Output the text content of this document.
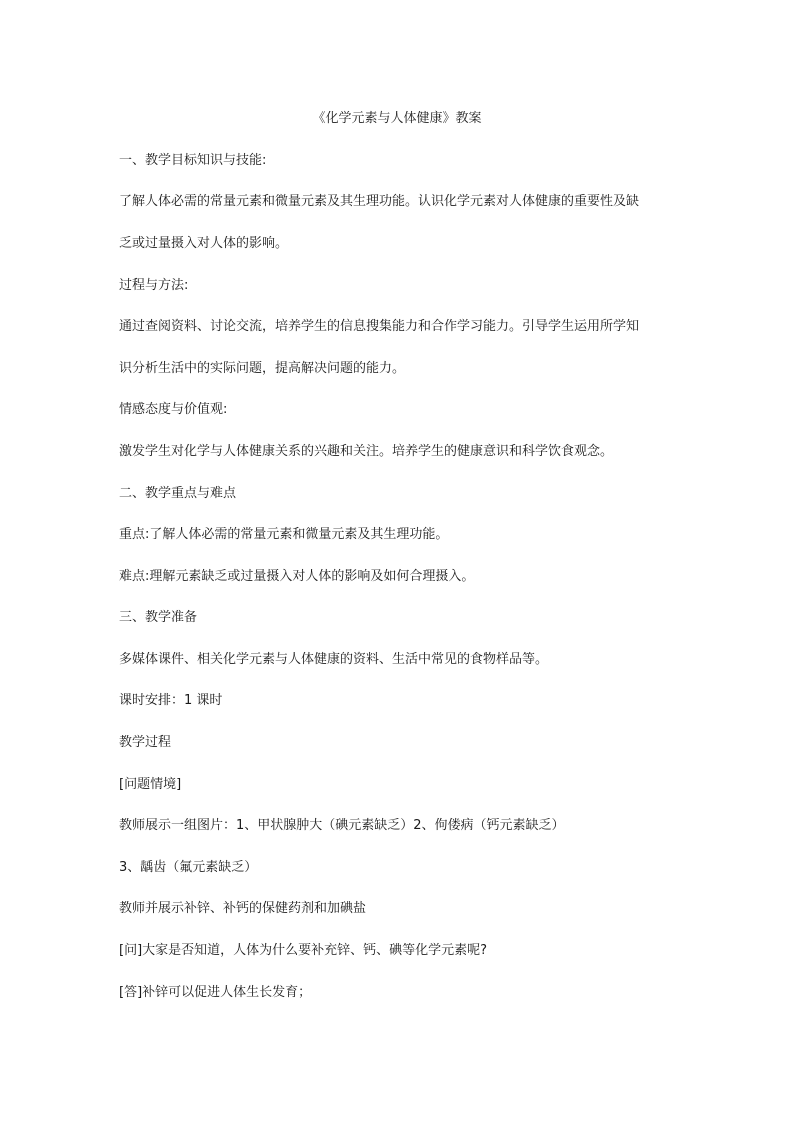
《化学元素与人体健康》教案
一、教学目标知识与技能:
了解人体必需的常量元素和微量元素及其生理功能。认识化学元素对人体健康的重要性及缺
乏或过量摄入对人体的影响。
过程与方法:
通过查阅资料、讨论交流，培养学生的信息搜集能力和合作学习能力。引导学生运用所学知
识分析生活中的实际问题，提高解决问题的能力。
情感态度与价值观:
激发学生对化学与人体健康关系的兴趣和关注。培养学生的健康意识和科学饮食观念。
二、教学重点与难点
重点:了解人体必需的常量元素和微量元素及其生理功能。
难点:理解元素缺乏或过量摄入对人体的影响及如何合理摄入。
三、教学准备
多媒体课件、相关化学元素与人体健康的资料、生活中常见的食物样品等。
课时安排：1 课时
教学过程
[问题情境]
教师展示一组图片：1、甲状腺肿大（碘元素缺乏）2、佝偻病（钙元素缺乏）
3、龋齿（氟元素缺乏）
教师并展示补锌、补钙的保健药剂和加碘盐
[问]大家是否知道，人体为什么要补充锌、钙、碘等化学元素呢?
[答]补锌可以促进人体生长发育；
